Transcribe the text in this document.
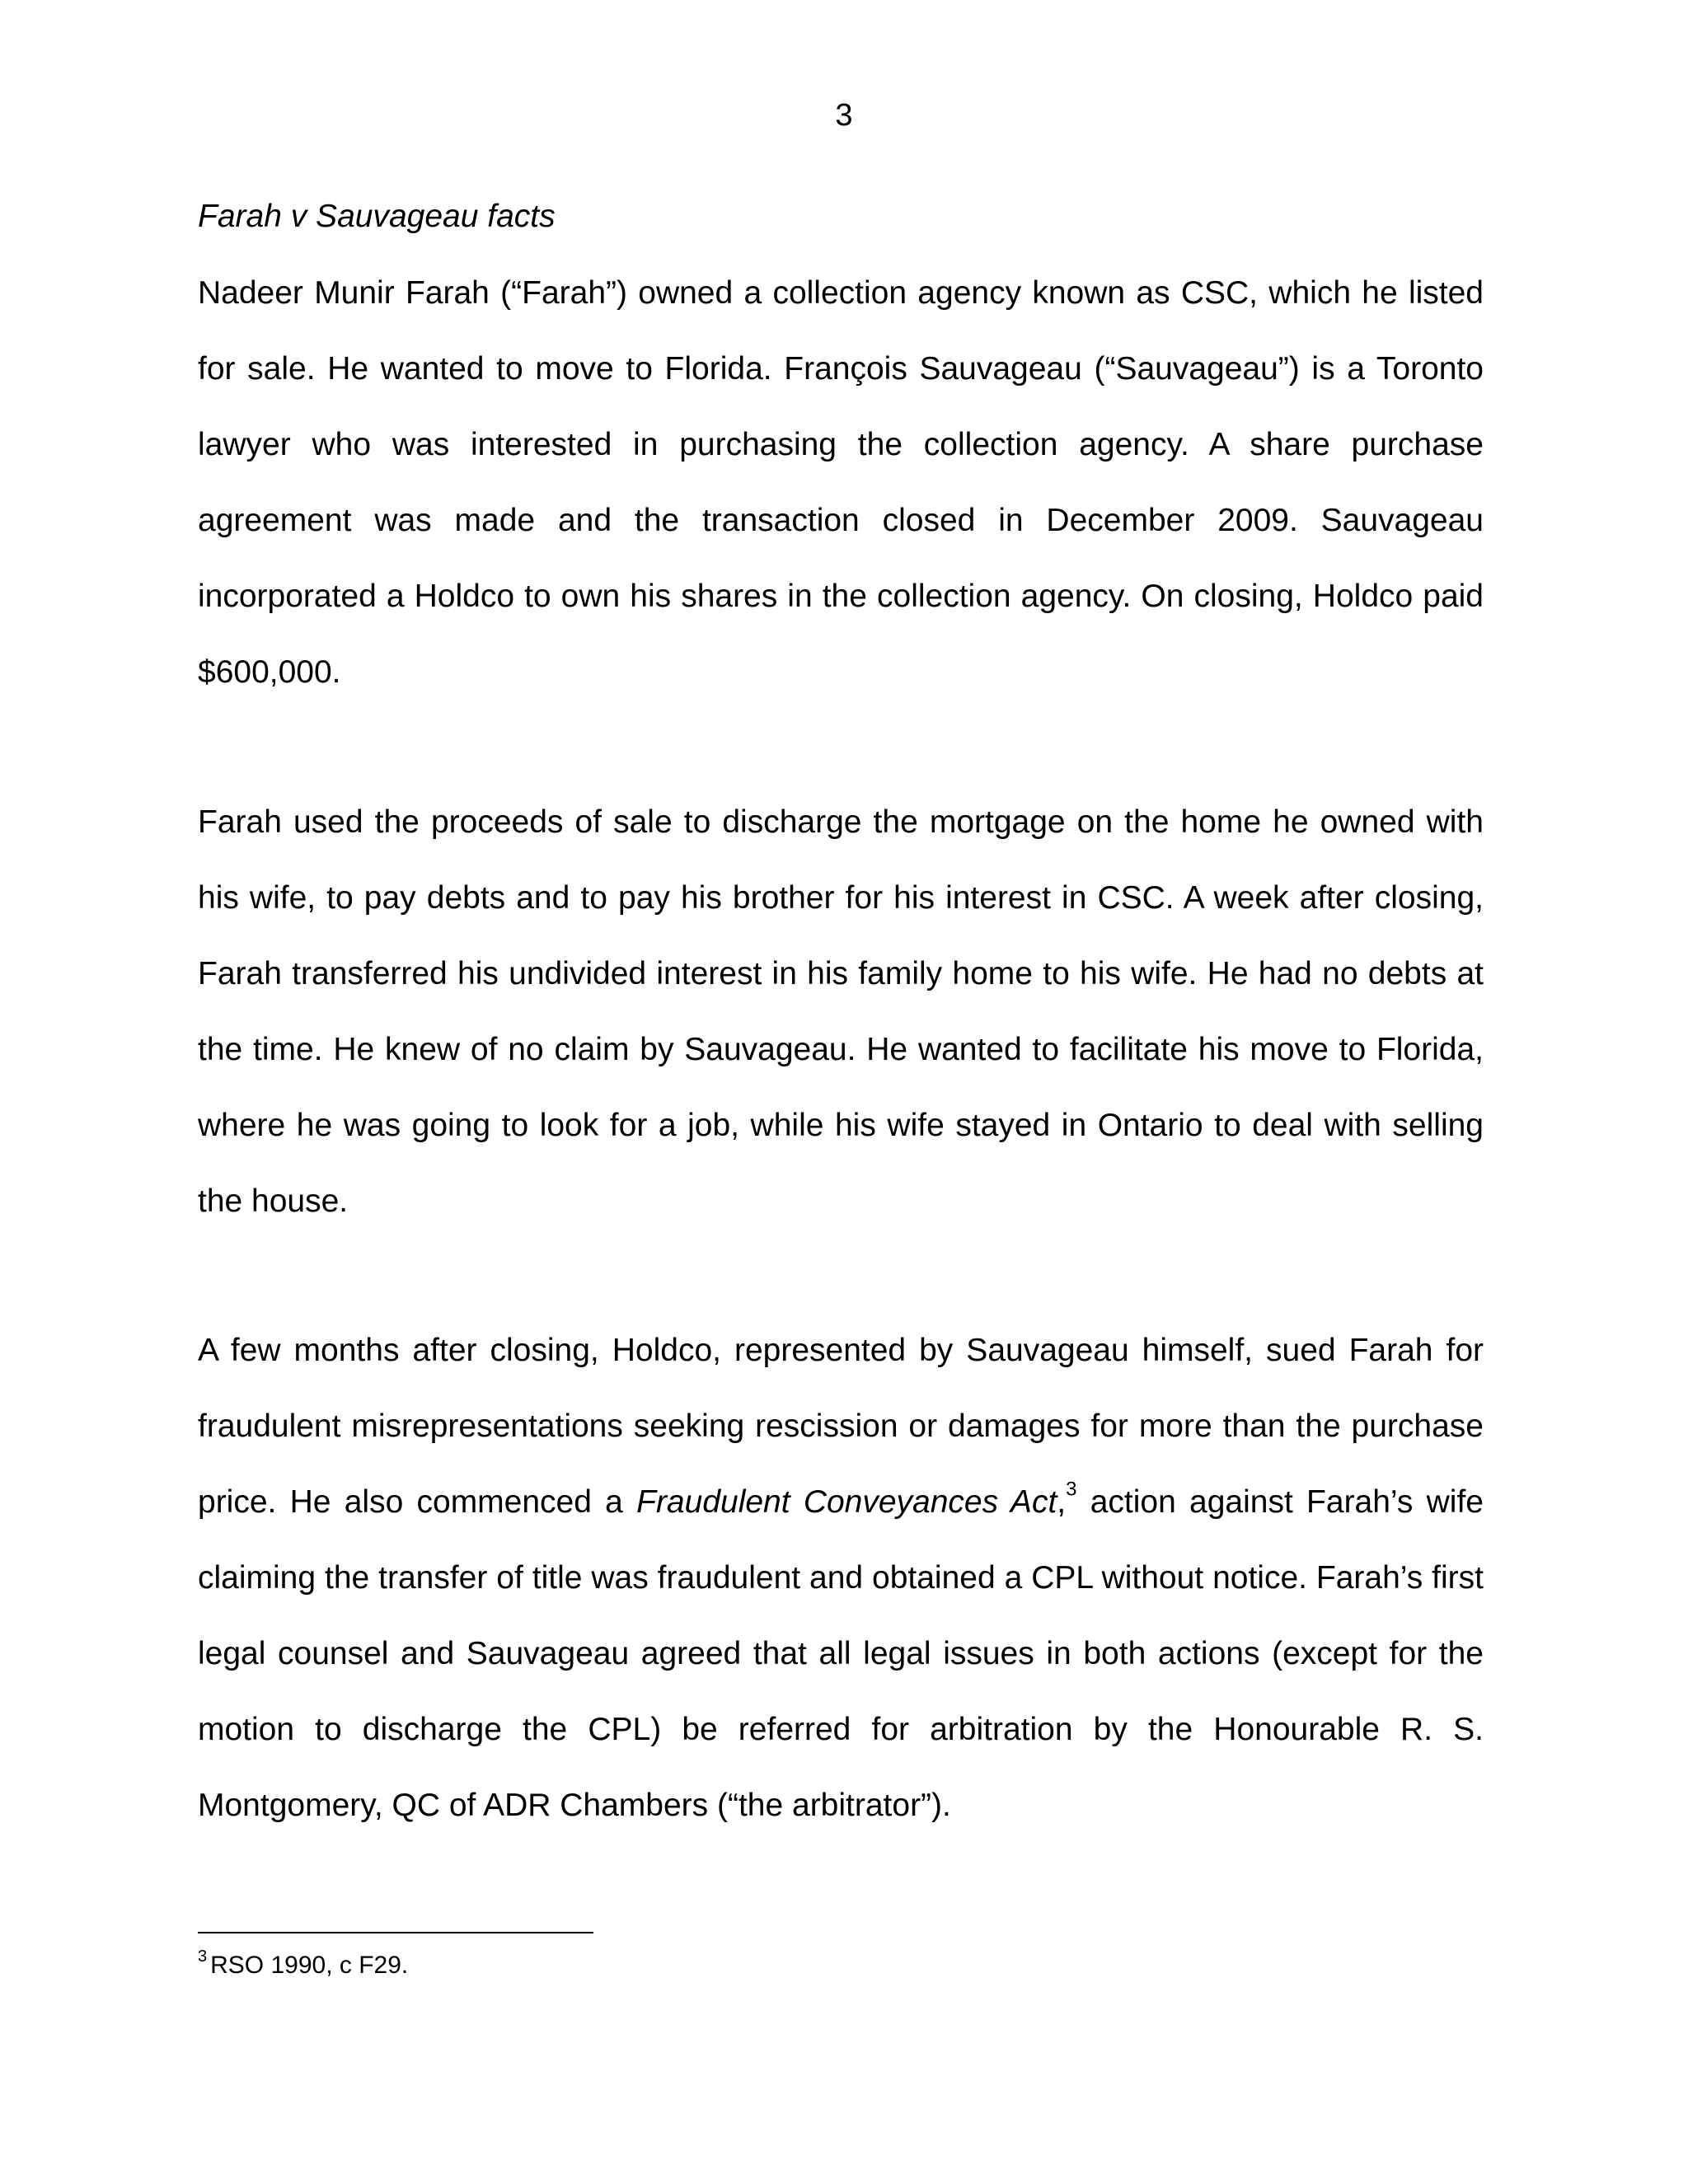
3
Farah v Sauvageau facts

Nadeer Munir Farah (“Farah”) owned a collection agency known as CSC, which he listed for sale. He wanted to move to Florida. François Sauvageau (“Sauvageau”) is a Toronto lawyer who was interested in purchasing the collection agency. A share purchase agreement was made and the transaction closed in December 2009. Sauvageau incorporated a Holdco to own his shares in the collection agency. On closing, Holdco paid $600,000.

Farah used the proceeds of sale to discharge the mortgage on the home he owned with his wife, to pay debts and to pay his brother for his interest in CSC. A week after closing, Farah transferred his undivided interest in his family home to his wife. He had no debts at the time. He knew of no claim by Sauvageau. He wanted to facilitate his move to Florida, where he was going to look for a job, while his wife stayed in Ontario to deal with selling the house.

A few months after closing, Holdco, represented by Sauvageau himself, sued Farah for fraudulent misrepresentations seeking rescission or damages for more than the purchase price. He also commenced a Fraudulent Conveyances Act,$^3$ action against Farah’s wife claiming the transfer of title was fraudulent and obtained a CPL without notice. Farah’s first legal counsel and Sauvageau agreed that all legal issues in both actions (except for the motion to discharge the CPL) be referred for arbitration by the Honourable R. S. Montgomery, QC of ADR Chambers (“the arbitrator”).

$^3$ RSO 1990, c F29.
